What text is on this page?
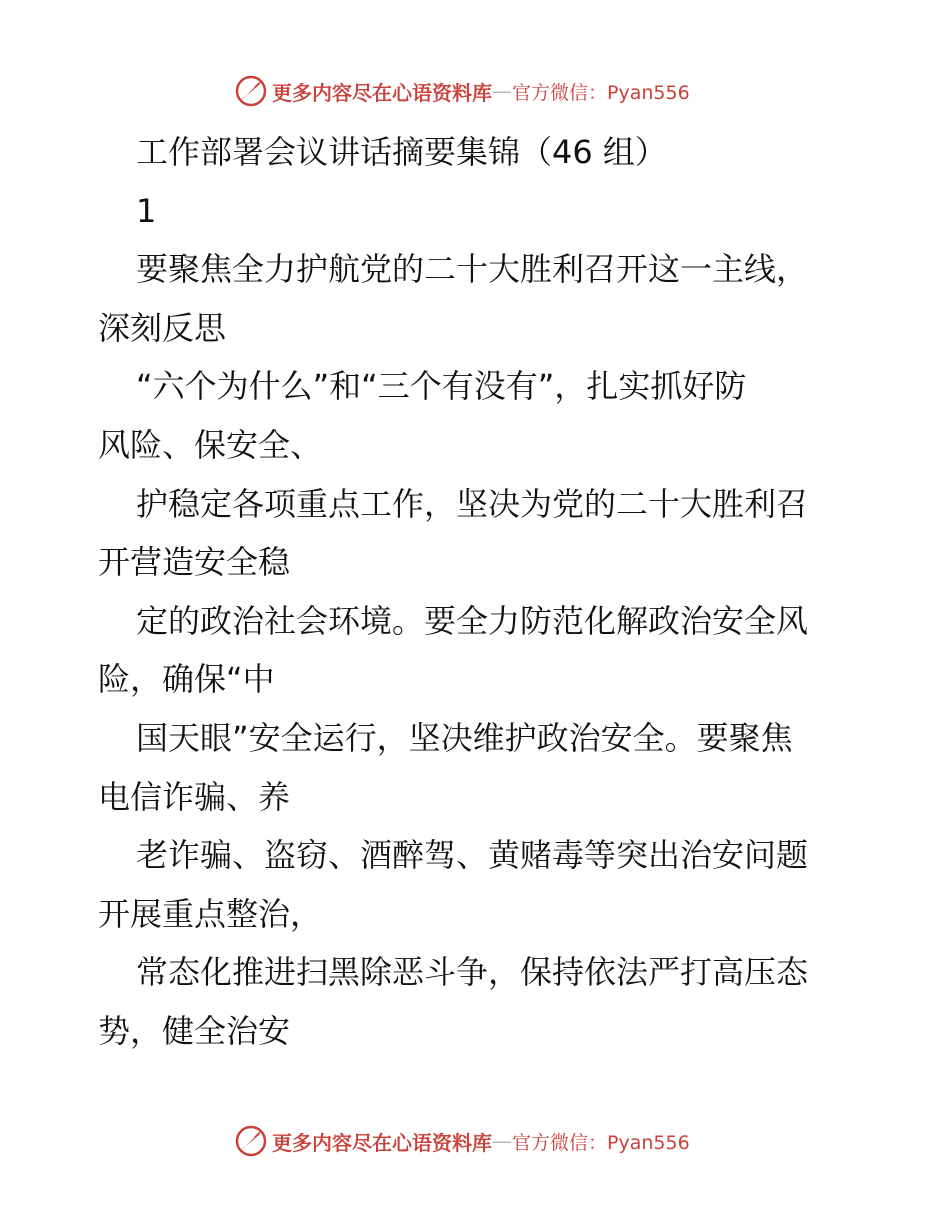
更多内容尽在心语资料库 — 官方微信：Pyan556
工作部署会议讲话摘要集锦（46 组）
1
要聚焦全力护航党的二十大胜利召开这一主线，
深刻反思
“六个为什么”和“三个有没有”，扎实抓好防
风险、保安全、
护稳定各项重点工作，坚决为党的二十大胜利召
开营造安全稳
定的政治社会环境。要全力防范化解政治安全风
险，确保“中
国天眼”安全运行，坚决维护政治安全。要聚焦
电信诈骗、养
老诈骗、盗窃、酒醉驾、黄赌毒等突出治安问题
开展重点整治，
常态化推进扫黑除恶斗争，保持依法严打高压态
势，健全治安
更多内容尽在心语资料库 — 官方微信：Pyan556
